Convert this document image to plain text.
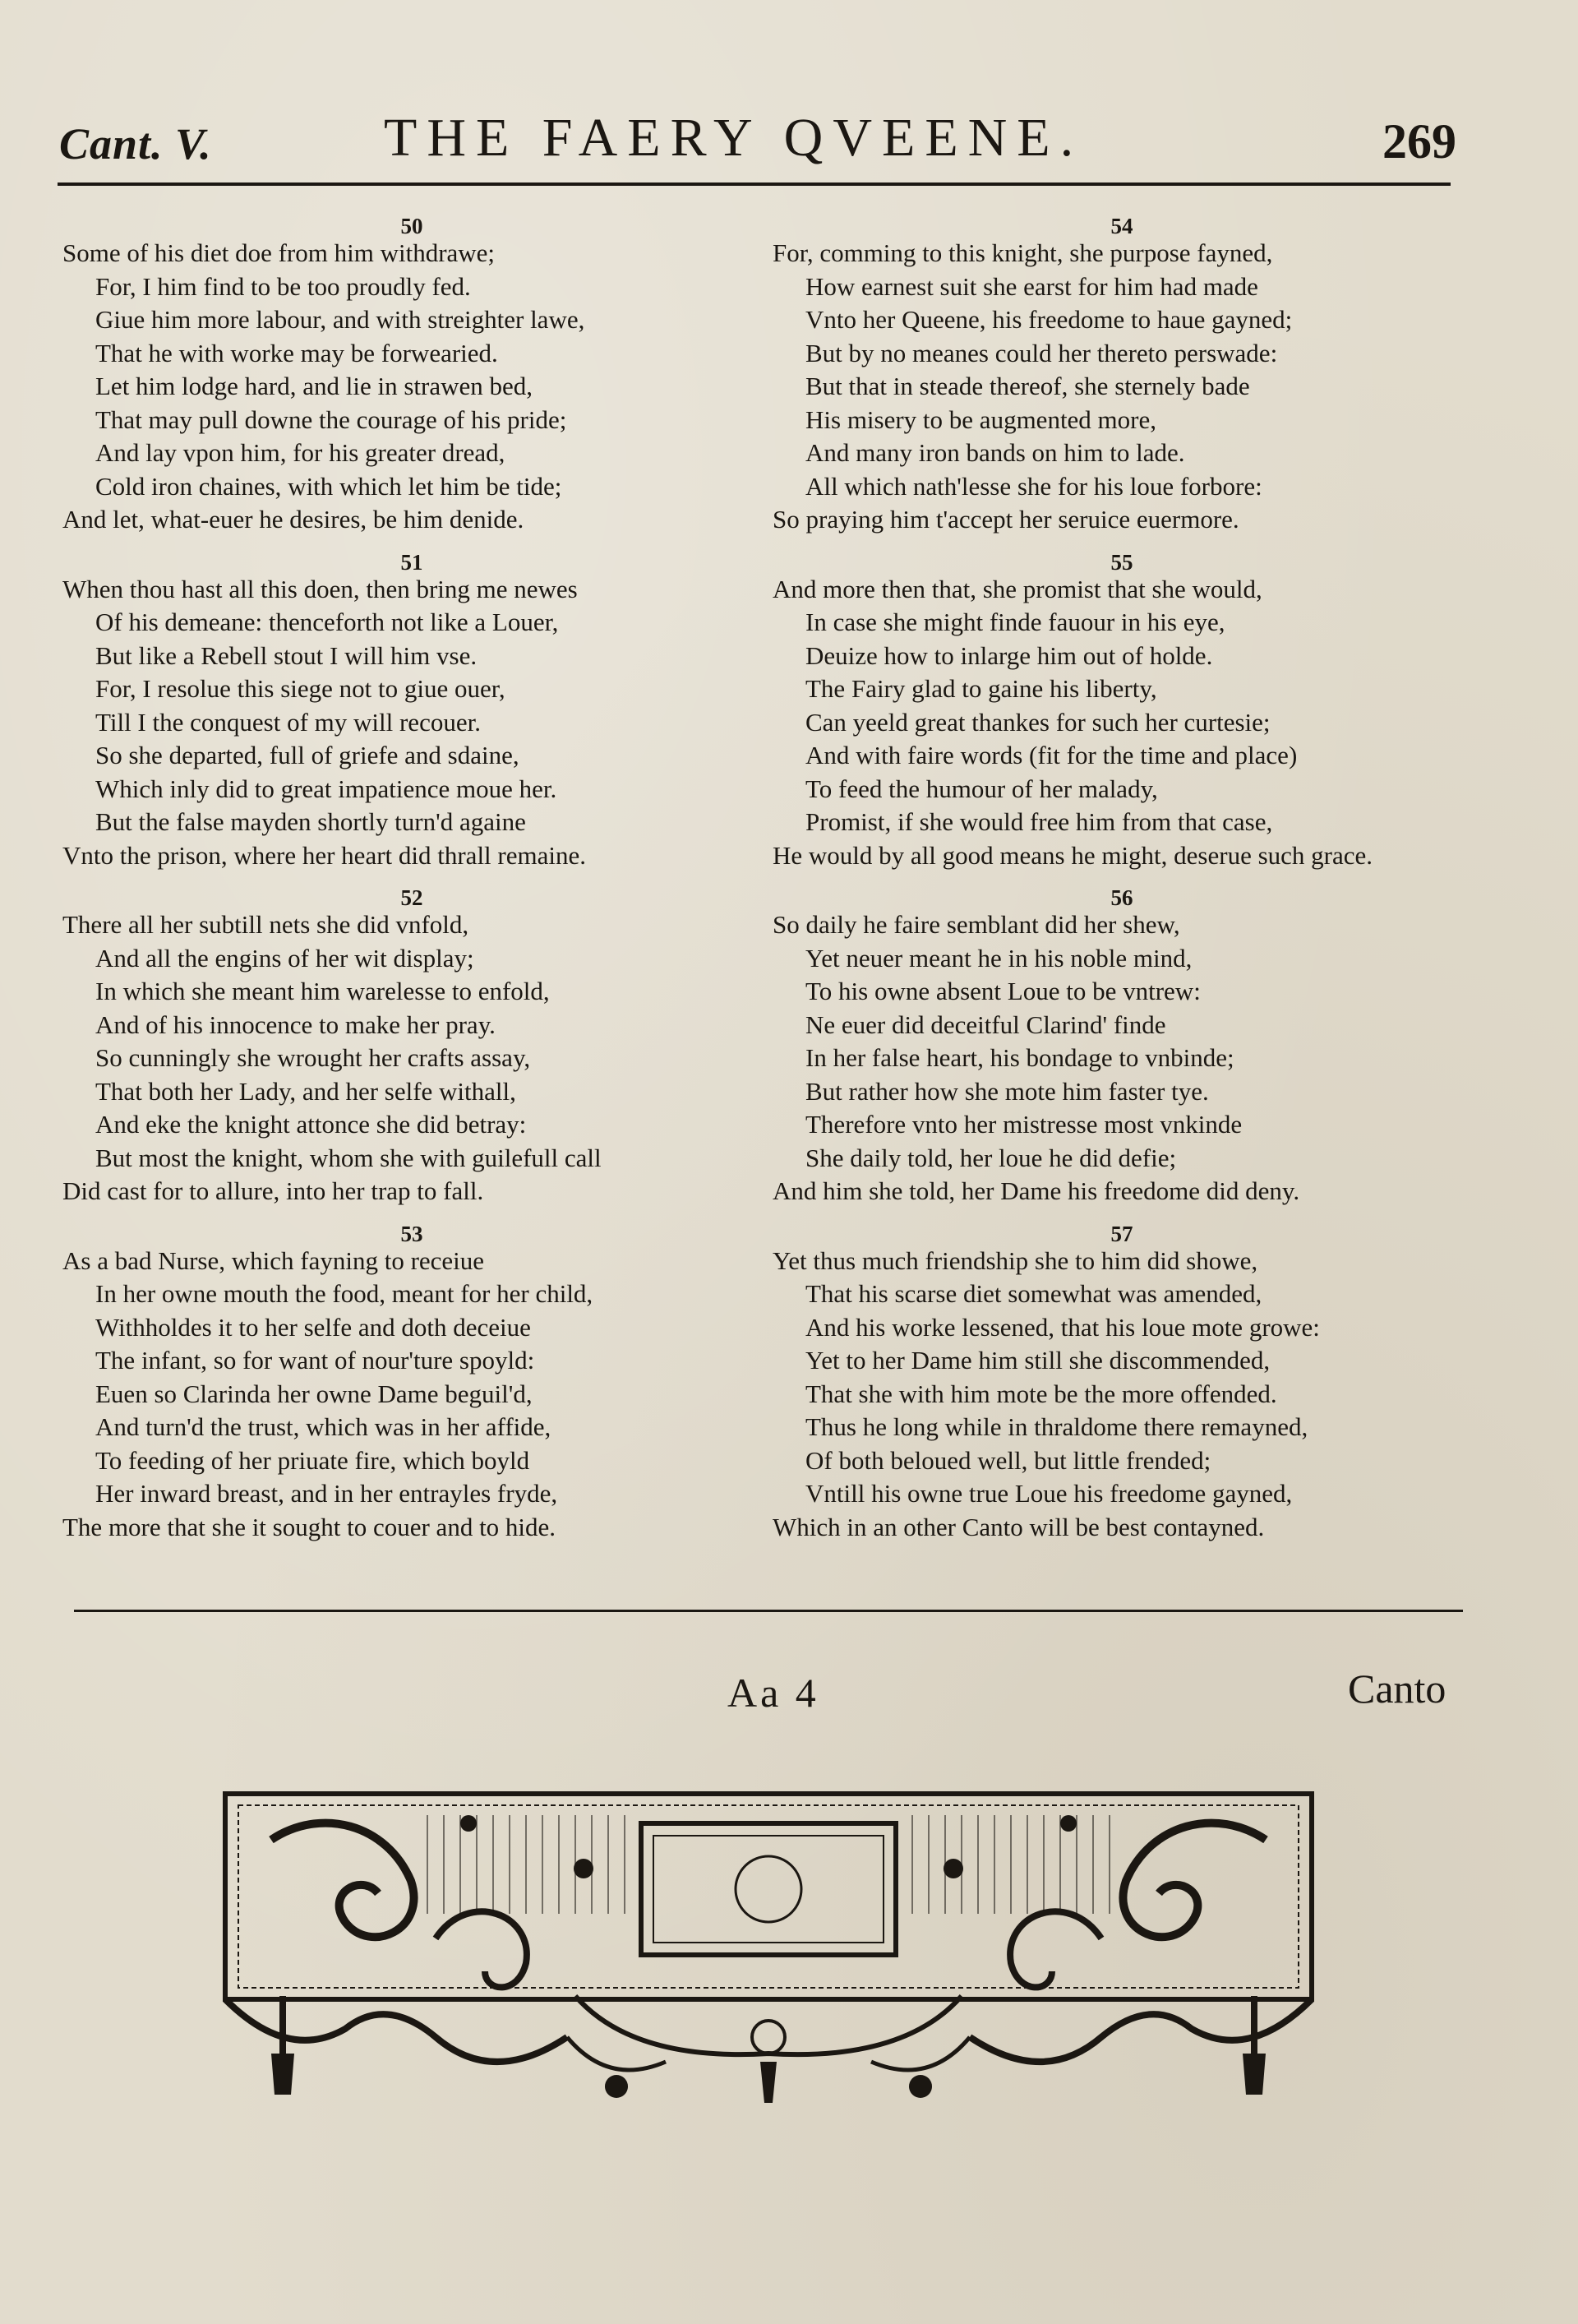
Cant. V.	THE FAERY QVEENE.	269
50
Some of his diet doe from him withdrawe;
For, I him find to be too proudly fed.
Giue him more labour, and with streighter lawe,
That he with worke may be forwearied.
Let him lodge hard, and lie in strawen bed,
That may pull downe the courage of his pride;
And lay vpon him, for his greater dread,
Cold iron chaines, with which let him be tide;
And let, what-euer he desires, be him denide.
51
When thou hast all this doen, then bring me newes
Of his demeane: thenceforth not like a Louer,
But like a Rebell stout I will him vse.
For, I resolue this siege not to giue ouer,
Till I the conquest of my will recouer.
So she departed, full of griefe and sdaine,
Which inly did to great impatience moue her.
But the false mayden shortly turn'd againe
Vnto the prison, where her heart did thrall remaine.
52
There all her subtill nets she did vnfold,
And all the engins of her wit display;
In which she meant him warelesse to enfold,
And of his innocence to make her pray.
So cunningly she wrought her crafts assay,
That both her Lady, and her selfe withall,
And eke the knight attonce she did betray:
But most the knight, whom she with guilefull call
Did cast for to allure, into her trap to fall.
53
As a bad Nurse, which fayning to receiue
In her owne mouth the food, meant for her child,
Withholdes it to her selfe and doth deceiue
The infant, so for want of nour'ture spoyld:
Euen so Clarinda her owne Dame beguil'd,
And turn'd the trust, which was in her affide,
To feeding of her priuate fire, which boyld
Her inward breast, and in her entrayles fryde,
The more that she it sought to couer and to hide.
54
For, comming to this knight, she purpose fayned,
How earnest suit she earst for him had made
Vnto her Queene, his freedome to haue gayned;
But by no meanes could her thereto perswade:
But that in steade thereof, she sternely bade
His misery to be augmented more,
And many iron bands on him to lade.
All which nath'lesse she for his loue forbore:
So praying him t'accept her seruice euermore.
55
And more then that, she promist that she would,
In case she might finde fauour in his eye,
Deuize how to inlarge him out of holde.
The Fairy glad to gaine his liberty,
Can yeeld great thankes for such her curtesie;
And with faire words (fit for the time and place)
To feed the humour of her malady,
Promist, if she would free him from that case,
He would by all good means he might, deserue such grace.
56
So daily he faire semblant did her shew,
Yet neuer meant he in his noble mind,
To his owne absent Loue to be vntrew:
Ne euer did deceitful Clarind' finde
In her false heart, his bondage to vnbinde;
But rather how she mote him faster tye.
Therefore vnto her mistresse most vnkinde
She daily told, her loue he did defie;
And him she told, her Dame his freedome did deny.
57
Yet thus much friendship she to him did showe,
That his scarse diet somewhat was amended,
And his worke lessened, that his loue mote growe:
Yet to her Dame him still she discommended,
That she with him mote be the more offended.
Thus he long while in thraldome there remayned,
Of both beloued well, but little frended;
Vntill his owne true Loue his freedome gayned,
Which in an other Canto will be best contayned.
Aa 4	Canto
